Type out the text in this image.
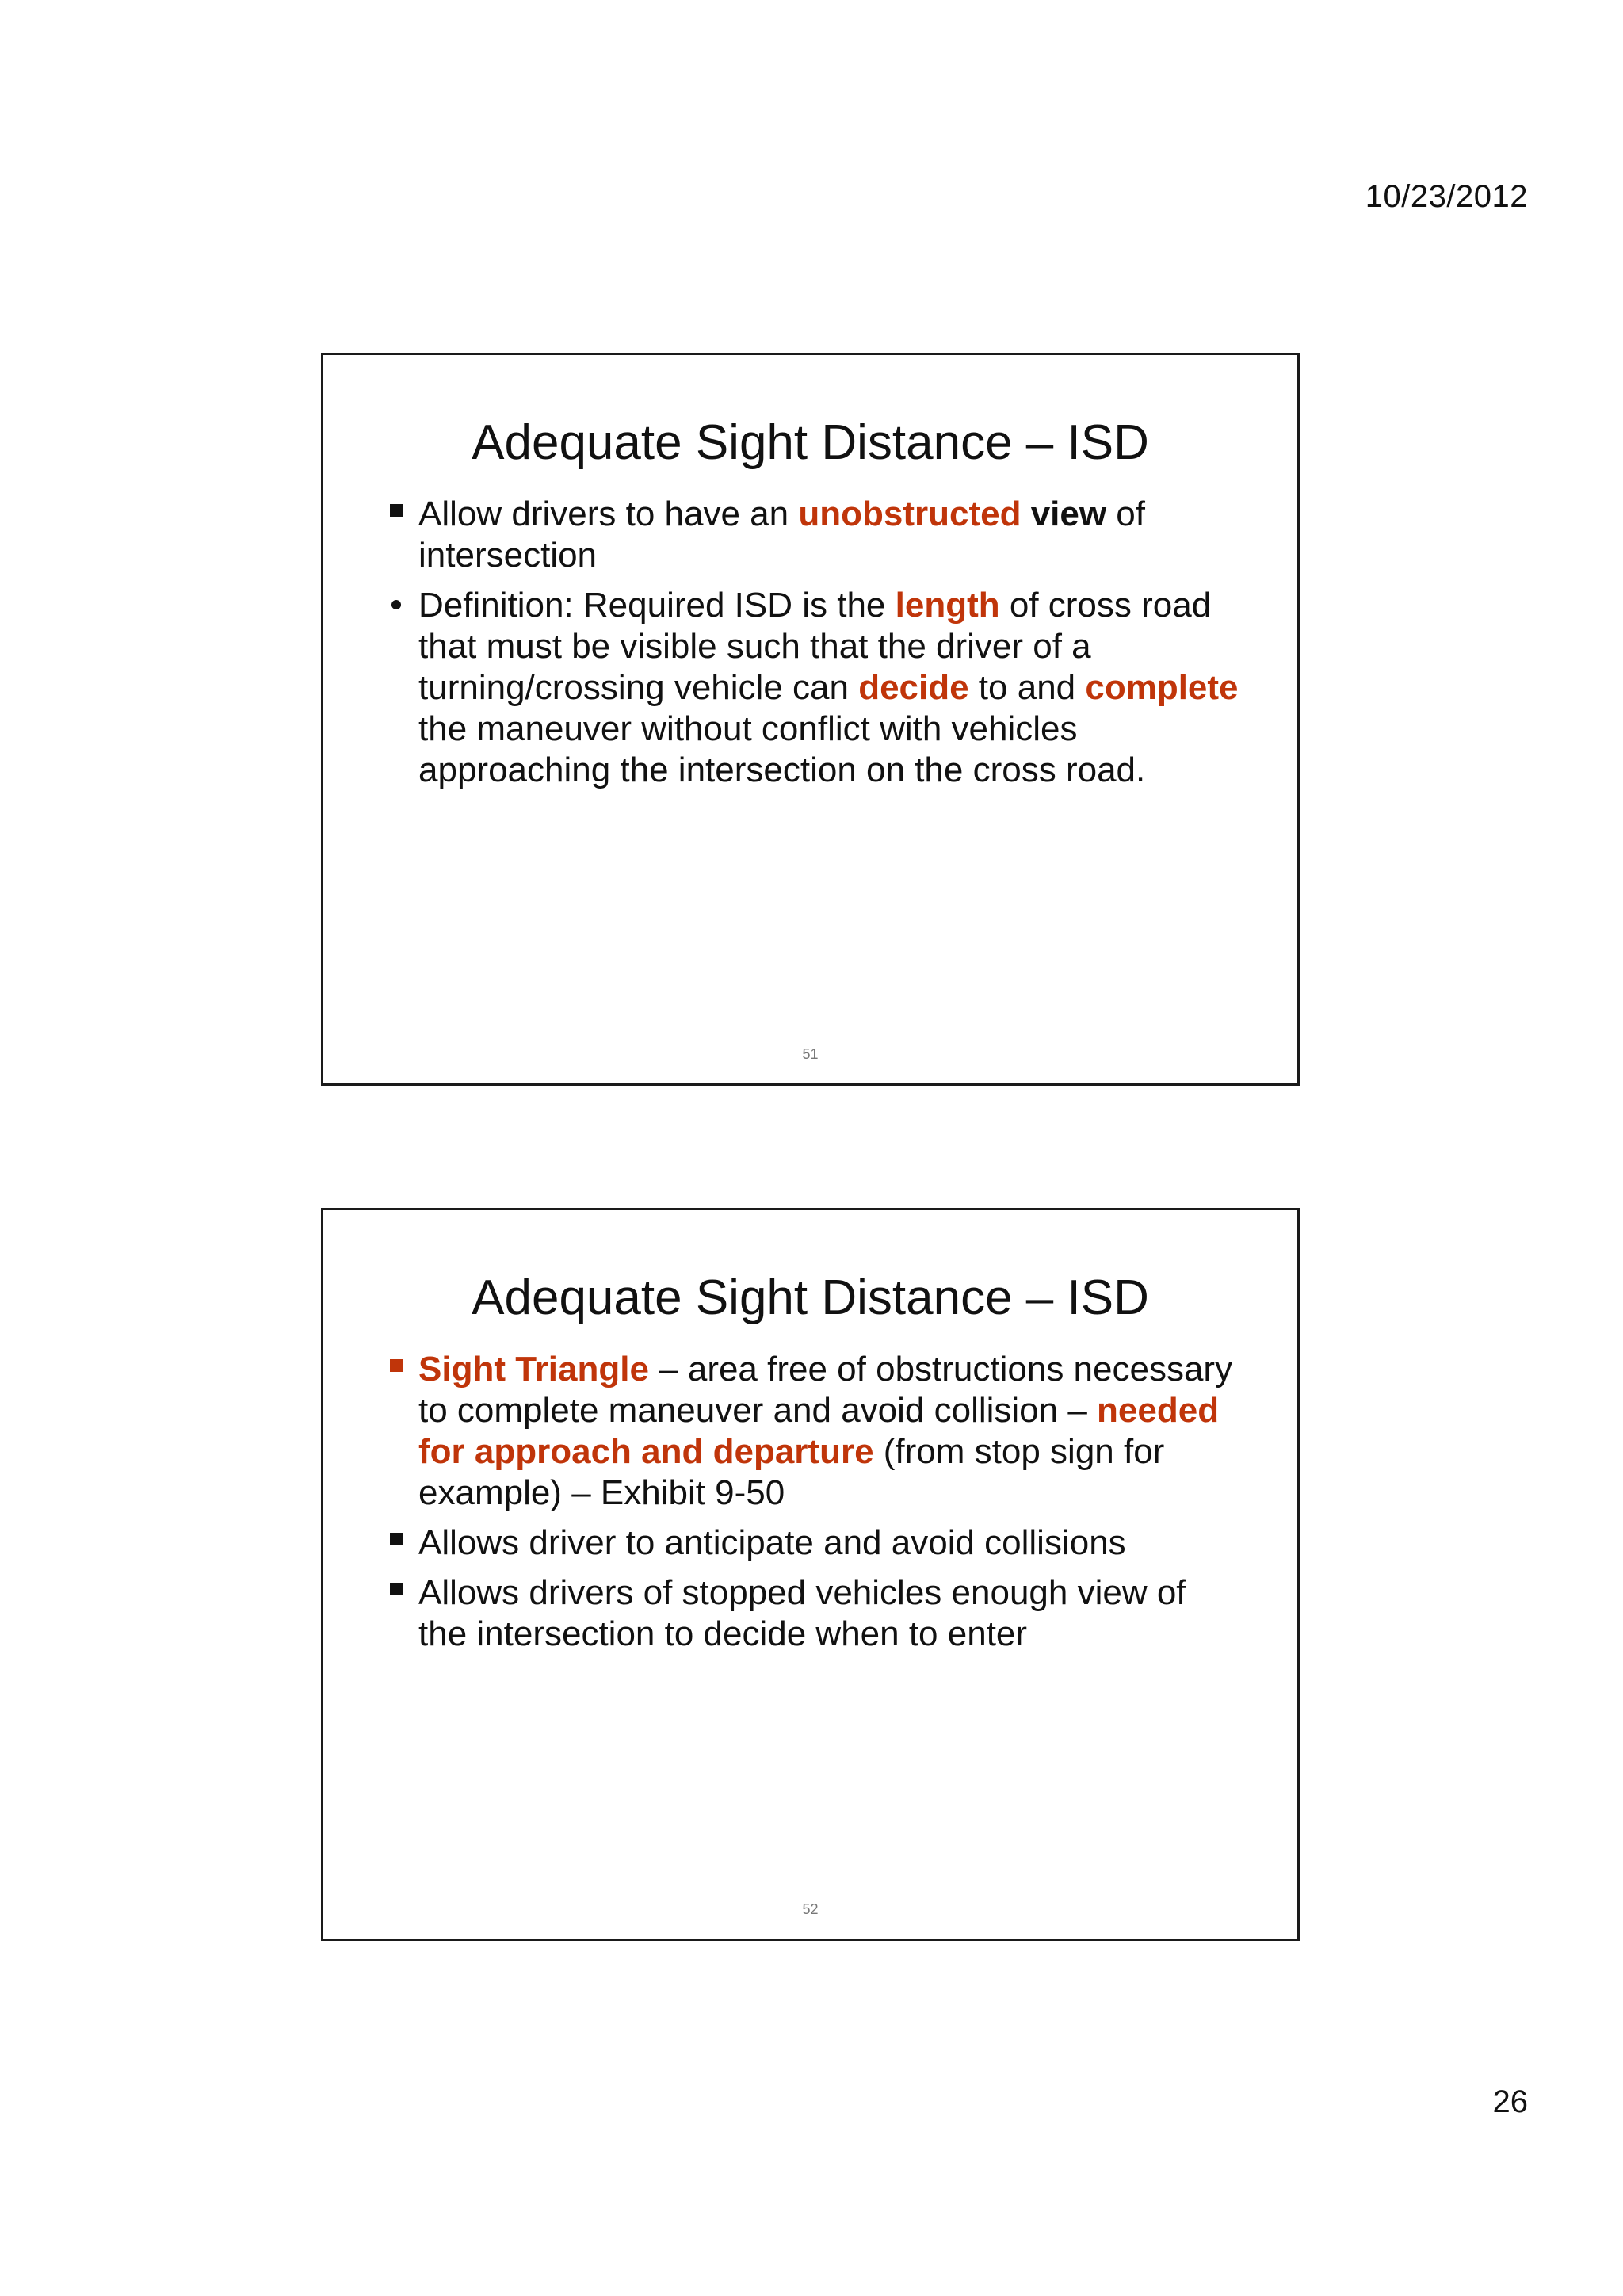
10/23/2012
Adequate Sight Distance – ISD
Allow drivers to have an unobstructed view of intersection
Definition: Required ISD is the length of cross road that must be visible such that the driver of a turning/crossing vehicle can decide to and complete the maneuver without conflict with vehicles approaching the intersection on the cross road.
51
Adequate Sight Distance – ISD
Sight Triangle – area free of obstructions necessary to complete maneuver and avoid collision – needed for approach and departure (from stop sign for example) – Exhibit 9-50
Allows driver to anticipate and avoid collisions
Allows drivers of stopped vehicles enough view of the intersection to decide when to enter
52
26
